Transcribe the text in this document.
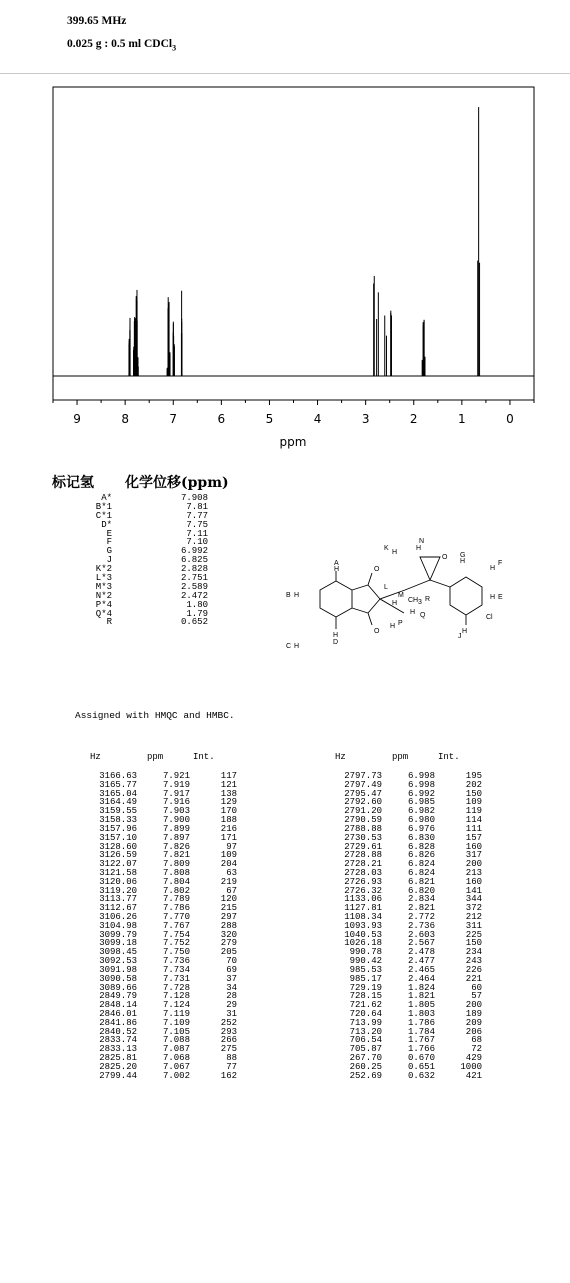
399.65 MHz
0.025 g : 0.5 ml CDCl$_3$
9	8	7	6	5	4	3	2	1	0
ppm
标记氢 化学位移(ppm)
A*	7.908
B*1	7.81
C*1	7.77
D*	7.75
E	7.11
F	7.10
G	6.992
J	6.825
K*2	2.828
L*3	2.751
M*3	2.589
N*2	2.472
P*4	1.80
Q*4	1.79
R	0.652
Assigned with HMQC and HMBC.
A
H
B H
C H
H
D
O
O
L
H
M
CH 3 R
H Q
H P
K
H
N
H
O G
H
H
F
H E
Cl
H
J
Hz	ppm	Int.
3166.63	7.921	117
3165.77	7.919	121
3165.04	7.917	138
3164.49	7.916	129
3159.55	7.903	170
3158.33	7.900	188
3157.96	7.899	216
3157.10	7.897	171
3128.60	7.826	97
3126.59	7.821	109
3122.07	7.809	204
3121.58	7.808	63
3120.06	7.804	219
3119.20	7.802	67
3113.77	7.789	120
3112.67	7.786	215
3106.26	7.770	297
3104.98	7.767	288
3099.79	7.754	320
3099.18	7.752	279
3098.45	7.750	205
3092.53	7.736	70
3091.98	7.734	69
3090.58	7.731	37
3089.66	7.728	34
2849.79	7.128	28
2848.14	7.124	29
2846.01	7.119	31
2841.86	7.109	252
2840.52	7.105	293
2833.74	7.088	266
2833.13	7.087	275
2825.81	7.068	88
2825.20	7.067	77
2799.44	7.002	162
Hz	ppm	Int.
2797.73	6.998	195
2797.49	6.998	202
2795.47	6.992	150
2792.60	6.985	109
2791.20	6.982	119
2790.59	6.980	114
2788.88	6.976	111
2730.53	6.830	157
2729.61	6.828	160
2728.88	6.826	317
2728.21	6.824	200
2728.03	6.824	213
2726.93	6.821	160
2726.32	6.820	141
1133.06	2.834	344
1127.81	2.821	372
1108.34	2.772	212
1093.93	2.736	311
1040.53	2.603	225
1026.18	2.567	150
990.78	2.478	234
990.42	2.477	243
985.53	2.465	226
985.17	2.464	221
729.19	1.824	60
728.15	1.821	57
721.62	1.805	200
720.64	1.803	189
713.99	1.786	209
713.20	1.784	206
706.54	1.767	68
705.87	1.766	72
267.70	0.670	429
260.25	0.651	1000
252.69	0.632	421
